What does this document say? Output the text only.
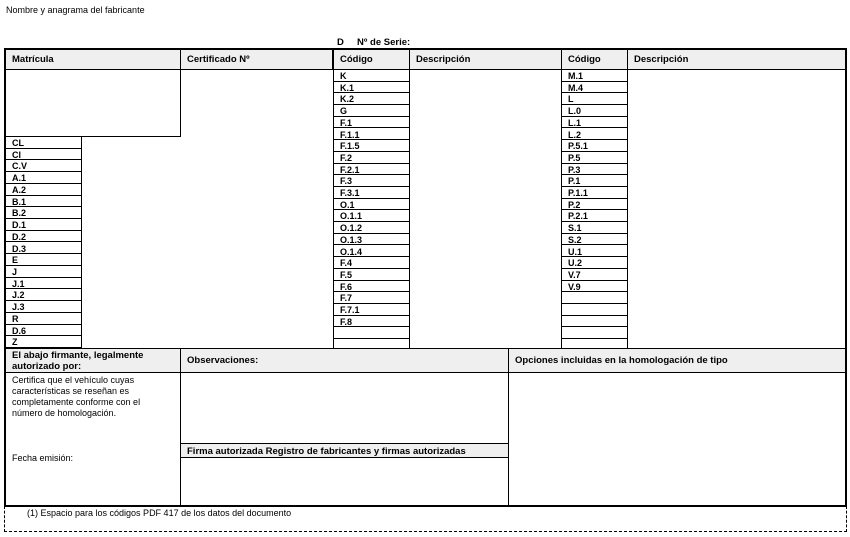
Nombre y anagrama del fabricante
D     Nº de Serie:
Matrícula	Certificado Nº	Código	Descripción	Código	Descripción
K	M.1
K.1	M.4
K.2	L
G	L.0
F.1	L.1
F.1.1	L.2
F.1.5	P.5.1
F.2	P.5
F.2.1	P.3
F.3	P.1
F.3.1	P.1.1
O.1	P.2
O.1.1	P.2.1
O.1.2	S.1
O.1.3	S.2
O.1.4	U.1
F.4	U.2
F.5	V.7
F.6	V.9
F.7
F.7.1
F.8
CL
Cl
C.V
A.1
A.2
B.1
B.2
D.1
D.2
D.3
E
J
J.1
J.2
J.3
R
D.6
Z
El abajo firmante, legalmente autorizado por:
Observaciones:	Opciones incluidas en la homologación de tipo
Certifica que el vehículo cuyas características se reseñan es completamente conforme con el número de homologación.
Fecha emisión:
Firma autorizada Registro de fabricantes y firmas autorizadas
(1) Espacio para los códigos PDF 417 de los datos del documento
